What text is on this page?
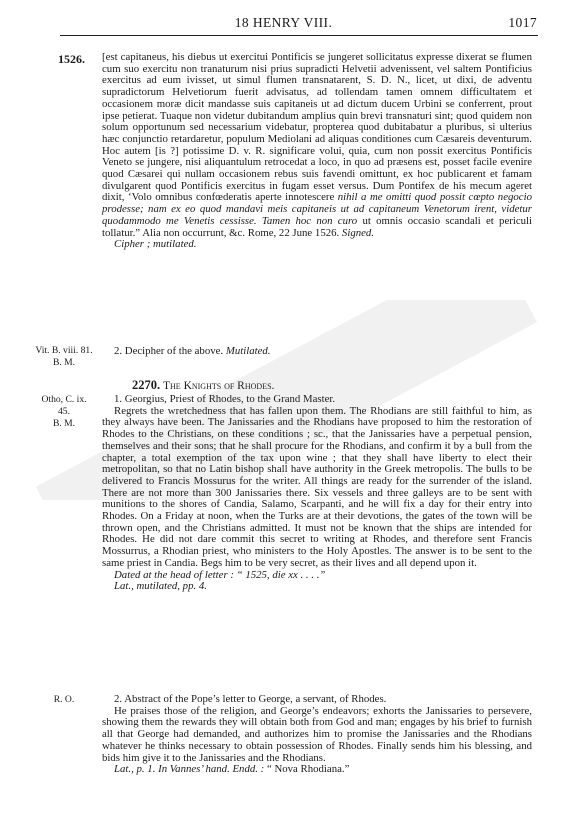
18 HENRY VIII.	1017
1526. [est capitaneus, his diebus ut exercitui Pontificis se jungeret sollicitatus expresse dixerat se flumen cum suo exercitu non tranaturum nisi prius supradicti Helvetii advenissent, vel saltem Pontificius exercitus ad eum ivisset, ut simul flumen transnatarent, S. D. N., licet, ut dixi, de adventu supradictorum Helvetiorum fuerit advisatus, ad tollendam tamen omnem difficultatem et occasionem moræ dicit mandasse suis capitaneis ut ad dictum ducem Urbini se conferrent, prout ipse petierat. Tuaque non videtur dubitandum amplius quin brevi transnaturi sint; quod quidem non solum opportunum sed necessarium videbatur, propterea quod dubitabatur a pluribus, si ulterius hæc conjunctio retardaretur, populum Mediolani ad aliquas conditiones cum Cæsareis deventurum. Hoc autem [is ?] potissime D. v. R. significare volui, quia, cum non possit exercitus Pontificis Veneto se jungere, nisi aliquantulum retrocedat a loco, in quo ad præsens est, posset facile evenire quod Cæsarei qui nullam occasionem rebus suis favendi omittunt, ex hoc publicarent et famam divulgarent quod Pontificis exercitus in fugam esset versus. Dum Pontifex de his mecum ageret dixit, ‘Volo omnibus confœderatis aperte innotescere nihil a me omitti quod possit cœpto negocio prodesse; nam ex eo quod mandavi meis capitaneis ut ad capitaneum Venetorum irent, videtur quodammodo me Venetis cessisse. Tamen hoc non curo ut omnis occasio scandali et periculi tollatur.” Alia non occurrunt, &c. Rome, 22 June 1526. Signed.

Cipher ; mutilated.

Vit. B. viii. 81.
B. M.

2. Decipher of the above. Mutilated.

2270. The Knights of Rhodes.
Otho, C. ix.
45.
B. M.

1. Georgius, Priest of Rhodes, to the Grand Master.

Regrets the wretchedness that has fallen upon them. The Rhodians are still faithful to him, as they always have been. The Janissaries and the Rhodians have proposed to him the restoration of Rhodes to the Christians, on these conditions ; sc., that the Janissaries have a perpetual pension, themselves and their sons; that he shall procure for the Rhodians, and confirm it by a bull from the chapter, a total exemption of the tax upon wine ; that they shall have liberty to elect their metropolitan, so that no Latin bishop shall have authority in the Greek metropolis. The bulls to be delivered to Francis Mossurus for the writer. All things are ready for the surrender of the island. There are not more than 300 Janissaries there. Six vessels and three galleys are to be sent with munitions to the shores of Candia, Salamo, Scarpanti, and he will fix a day for their entry into Rhodes. On a Friday at noon, when the Turks are at their devotions, the gates of the town will be thrown open, and the Christians admitted. It must not be known that the ships are intended for Rhodes. He did not dare commit this secret to writing at Rhodes, and therefore sent Francis Mossurrus, a Rhodian priest, who ministers to the Holy Apostles. The answer is to be sent to the same priest in Candia. Begs him to be very secret, as their lives and all depend upon it.

Dated at the head of letter : “ 1525, die xx . . . .”

Lat., mutilated, pp. 4.

R. O.	2. Abstract of the Pope’s letter to George, a servant, of Rhodes.

He praises those of the religion, and George’s endeavors; exhorts the Janissaries to persevere, showing them the rewards they will obtain both from God and man; engages by his brief to furnish all that George had demanded, and authorizes him to promise the Janissaries and the Rhodians whatever he thinks necessary to obtain possession of Rhodes. Finally sends him his blessing, and bids him give it to the Janissaries and the Rhodians.

Lat., p. 1. In Vannes’ hand. Endd. : “ Nova Rhodiana.”
